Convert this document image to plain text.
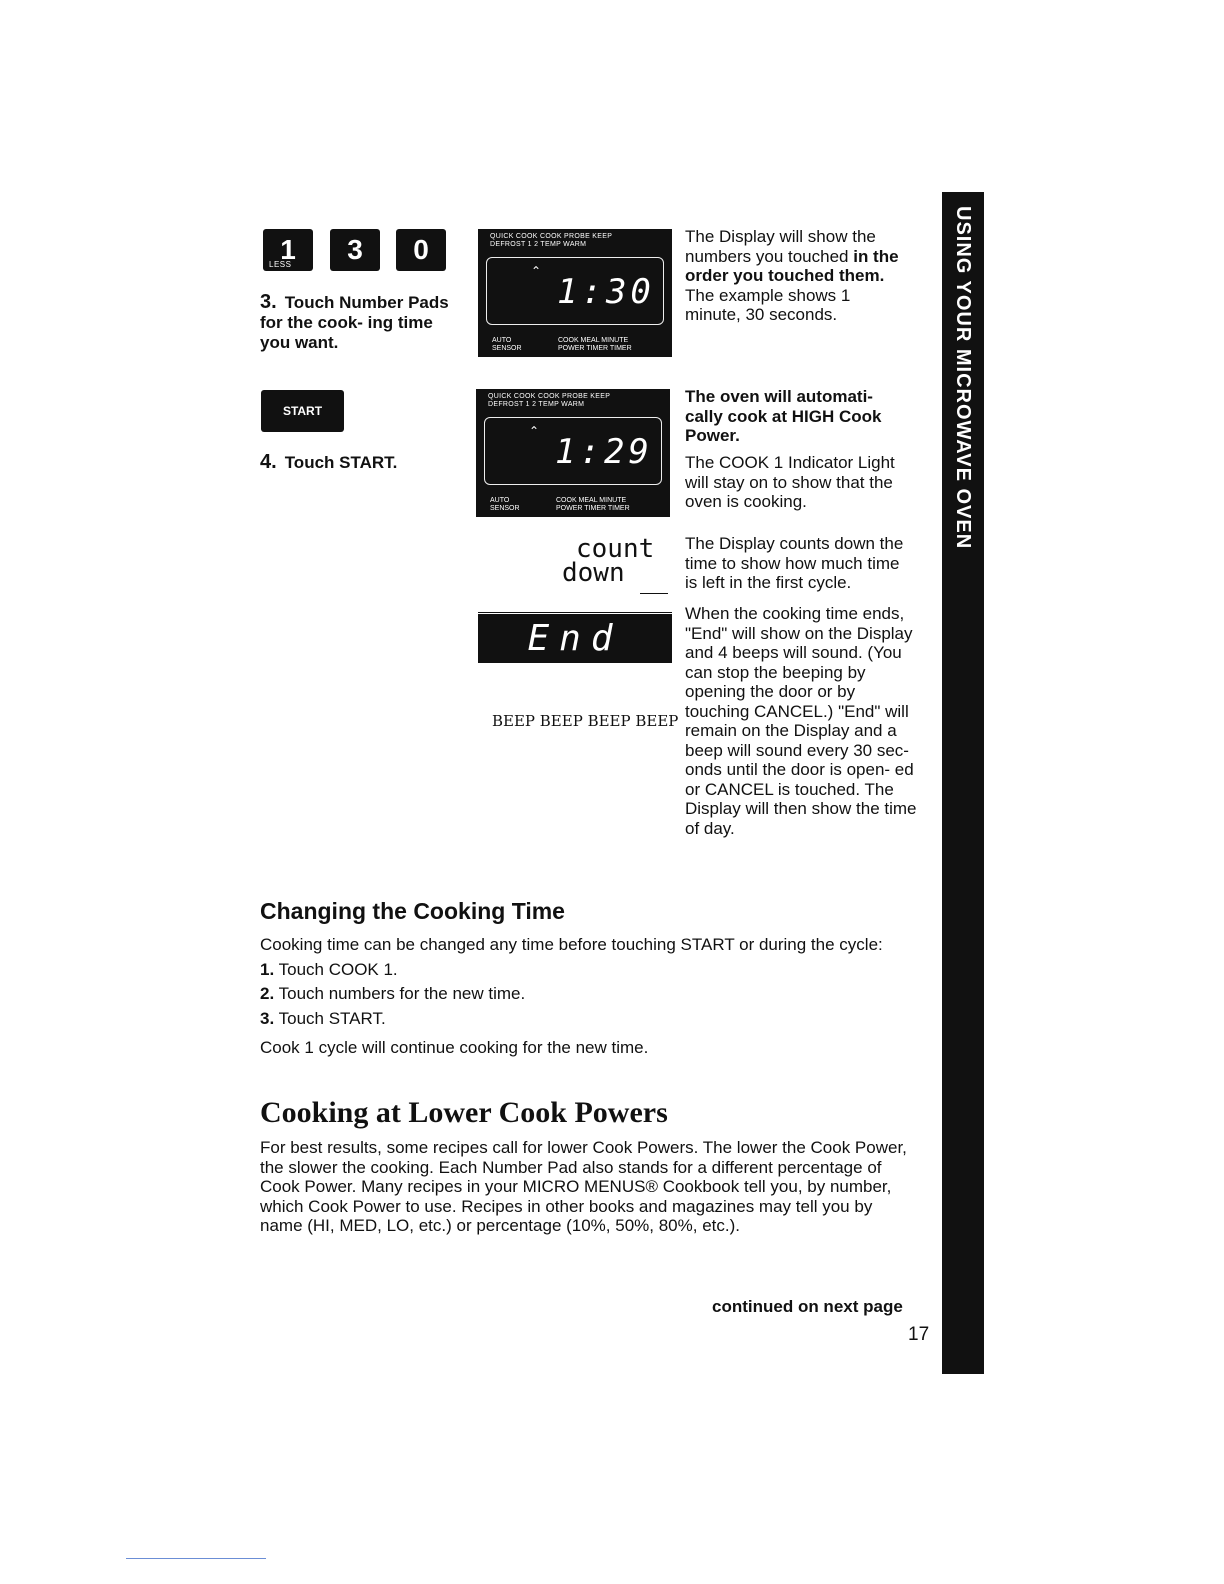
USING YOUR MICROWAVE OVEN
1
LESS 3 0
3. Touch Number Pads for the cook- ing time you want.
START
4. Touch START.
QUICK COOK COOK PROBE KEEP
DEFROST 1 2 TEMP WARM
⌃
1:30
AUTO
SENSOR
COOK MEAL MINUTE
POWER TIMER TIMER
QUICK COOK COOK PROBE KEEP
DEFROST 1 2 TEMP WARM
⌃
1:29
AUTO
SENSOR
COOK MEAL MINUTE
POWER TIMER TIMER
The Display will show the numbers you touched in the order you touched them. The example shows 1 minute, 30 seconds.
The oven will automati- cally cook at HIGH Cook Power.
The COOK 1 Indicator Light will stay on to show that the oven is cooking.
count
down
The Display counts down the time to show how much time is left in the first cycle.
End
BEEP BEEP BEEP BEEP
When the cooking time ends, "End" will show on the Display and 4 beeps will sound. (You can stop the beeping by opening the door or by touching CANCEL.) "End" will remain on the Display and a beep will sound every 30 sec- onds until the door is open- ed or CANCEL is touched. The Display will then show the time of day.
Changing the Cooking Time
Cooking time can be changed any time before touching START or during the cycle:
1. Touch COOK 1.
2. Touch numbers for the new time.
3. Touch START.
Cook 1 cycle will continue cooking for the new time.
Cooking at Lower Cook Powers
For best results, some recipes call for lower Cook Powers. The lower the Cook Power, the slower the cooking. Each Number Pad also stands for a different percentage of Cook Power. Many recipes in your MICRO MENUS® Cookbook tell you, by number, which Cook Power to use. Recipes in other books and magazines may tell you by name (HI, MED, LO, etc.) or percentage (10%, 50%, 80%, etc.).
continued on next page
17
